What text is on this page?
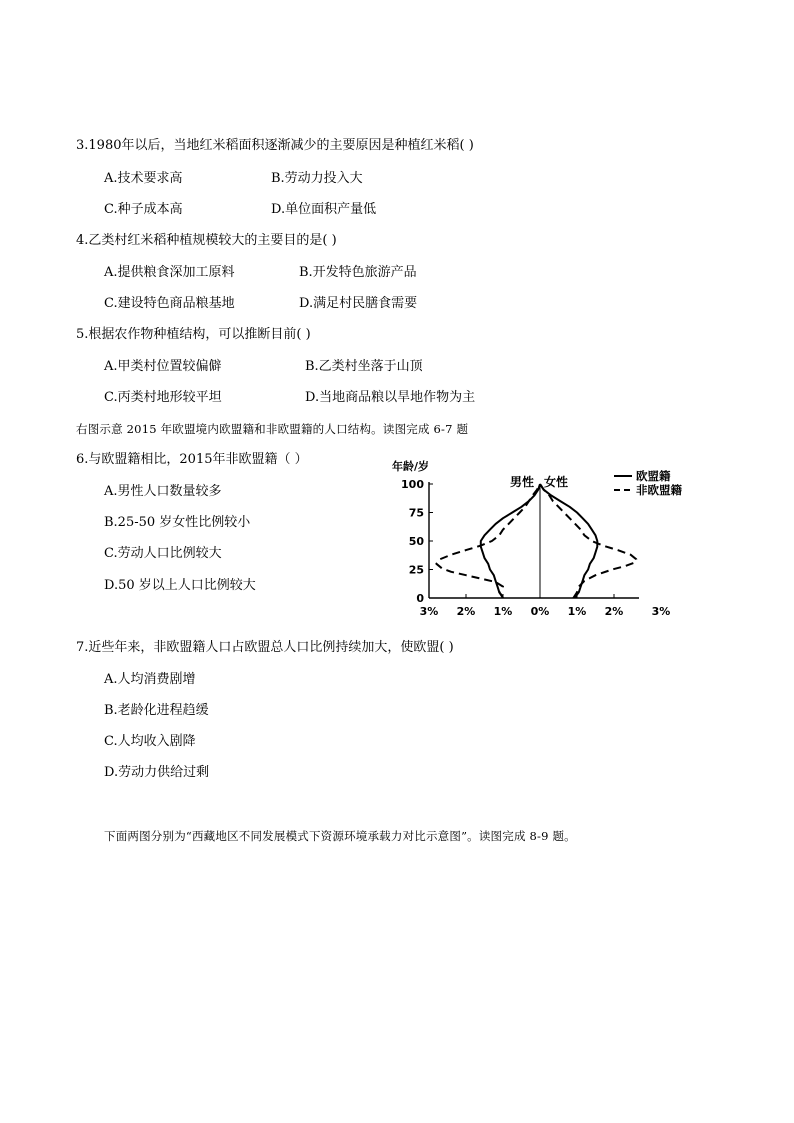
3.1980年以后，当地红米稻面积逐渐减少的主要原因是种植红米稻( )
A.技术要求高	B.劳动力投入大
C.种子成本高	D.单位面积产量低
4.乙类村红米稻种植规模较大的主要目的是( )
A.提供粮食深加工原料	B.开发特色旅游产品
C.建设特色商品粮基地	D.满足村民膳食需要
5.根据农作物种植结构，可以推断目前( )
A.甲类村位置较偏僻	B.乙类村坐落于山顶
C.丙类村地形较平坦	D.当地商品粮以旱地作物为主
右图示意 2015 年欧盟境内欧盟籍和非欧盟籍的人口结构。读图完成 6-7 题
6.与欧盟籍相比，2015年非欧盟籍（ ）
A.男性人口数量较多
B.25-50 岁女性比例较小
C.劳动人口比例较大
D.50 岁以上人口比例较大
0
25
50
75
100
3% 2% 1% 0% 1% 2%	3%
年龄/岁
男性 女性	欧盟籍
非欧盟籍
7.近些年来，非欧盟籍人口占欧盟总人口比例持续加大，使欧盟( )
A.人均消费剧增
B.老龄化进程趋缓
C.人均收入剧降
D.劳动力供给过剩
下面两图分别为“西藏地区不同发展模式下资源环境承载力对比示意图”。读图完成 8-9 题。
